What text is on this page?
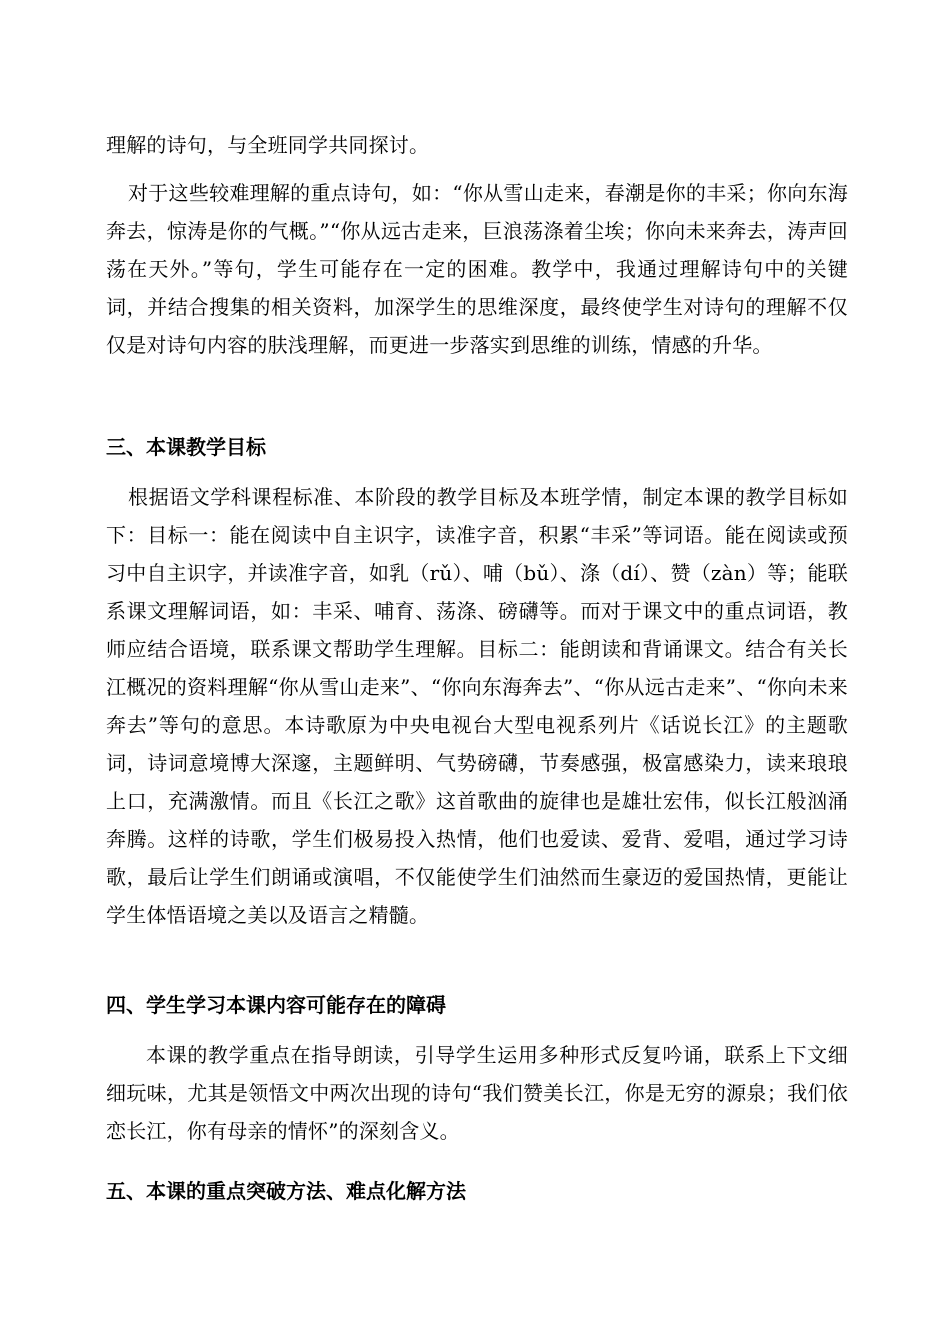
理解的诗句，与全班同学共同探讨。
对于这些较难理解的重点诗句，如：“你从雪山走来，春潮是你的丰采；你向东海奔去，惊涛是你的气概。”“你从远古走来，巨浪荡涤着尘埃；你向未来奔去，涛声回荡在天外。”等句，学生可能存在一定的困难。教学中，我通过理解诗句中的关键词，并结合搜集的相关资料，加深学生的思维深度，最终使学生对诗句的理解不仅仅是对诗句内容的肤浅理解，而更进一步落实到思维的训练，情感的升华。
三、本课教学目标
根据语文学科课程标准、本阶段的教学目标及本班学情，制定本课的教学目标如下：目标一：能在阅读中自主识字，读准字音，积累“丰采”等词语。能在阅读或预习中自主识字，并读准字音，如乳（rǔ）、哺（bǔ）、涤（dí）、赞（zàn）等；能联系课文理解词语，如：丰采、哺育、荡涤、磅礴等。而对于课文中的重点词语，教师应结合语境，联系课文帮助学生理解。目标二：能朗读和背诵课文。结合有关长江概况的资料理解“你从雪山走来”、“你向东海奔去”、“你从远古走来”、“你向未来奔去”等句的意思。本诗歌原为中央电视台大型电视系列片《话说长江》的主题歌词，诗词意境博大深邃，主题鲜明、气势磅礴，节奏感强，极富感染力，读来琅琅上口，充满激情。而且《长江之歌》这首歌曲的旋律也是雄壮宏伟，似长江般汹涌奔腾。这样的诗歌，学生们极易投入热情，他们也爱读、爱背、爱唱，通过学习诗歌，最后让学生们朗诵或演唱，不仅能使学生们油然而生豪迈的爱国热情，更能让学生体悟语境之美以及语言之精髓。
四、学生学习本课内容可能存在的障碍
本课的教学重点在指导朗读，引导学生运用多种形式反复吟诵，联系上下文细细玩味，尤其是领悟文中两次出现的诗句“我们赞美长江，你是无穷的源泉；我们依恋长江，你有母亲的情怀”的深刻含义。
五、本课的重点突破方法、难点化解方法
